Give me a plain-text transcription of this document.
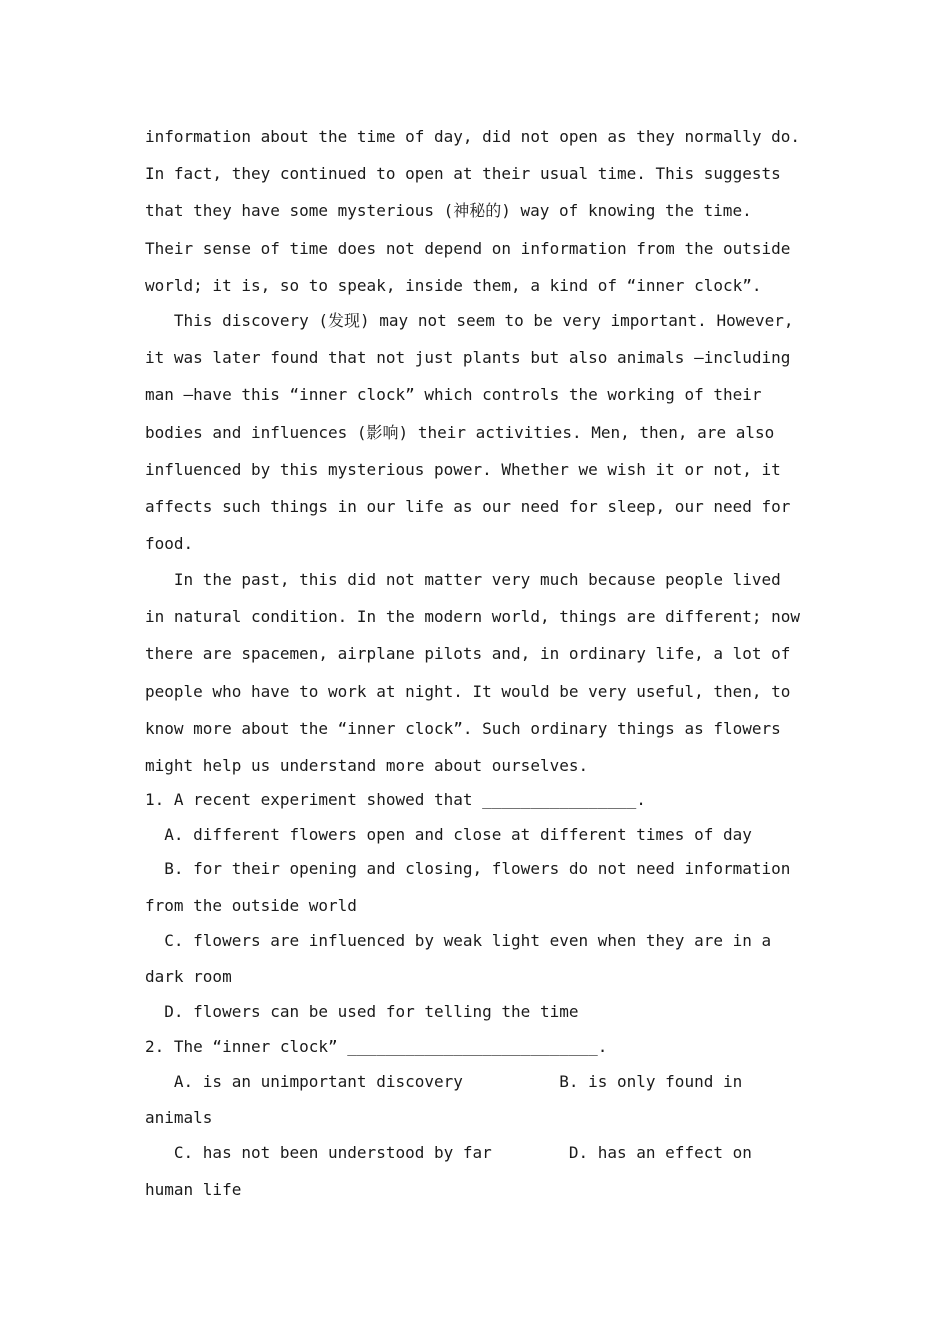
information about the time of day, did not open as they normally do.
In fact, they continued to open at their usual time. This suggests
that they have some mysterious (神秘的) way of knowing the time.
Their sense of time does not depend on information from the outside
world; it is, so to speak, inside them, a kind of “inner clock”.
This discovery (发现) may not seem to be very important. However,
it was later found that not just plants but also animals —including
man —have this “inner clock” which controls the working of their
bodies and influences (影响) their activities. Men, then, are also
influenced by this mysterious power. Whether we wish it or not, it
affects such things in our life as our need for sleep, our need for
food.
In the past, this did not matter very much because people lived
in natural condition. In the modern world, things are different; now
there are spacemen, airplane pilots and, in ordinary life, a lot of
people who have to work at night. It would be very useful, then, to
know more about the “inner clock”. Such ordinary things as flowers
might help us understand more about ourselves.
1. A recent experiment showed that ________________.
A. different flowers open and close at different times of day
B. for their opening and closing, flowers do not need information
from the outside world
C. flowers are influenced by weak light even when they are in a
dark room
D. flowers can be used for telling the time
2. The “inner clock” __________________________.
A. is an unimportant discovery          B. is only found in
animals
C. has not been understood by far        D. has an effect on
human life
